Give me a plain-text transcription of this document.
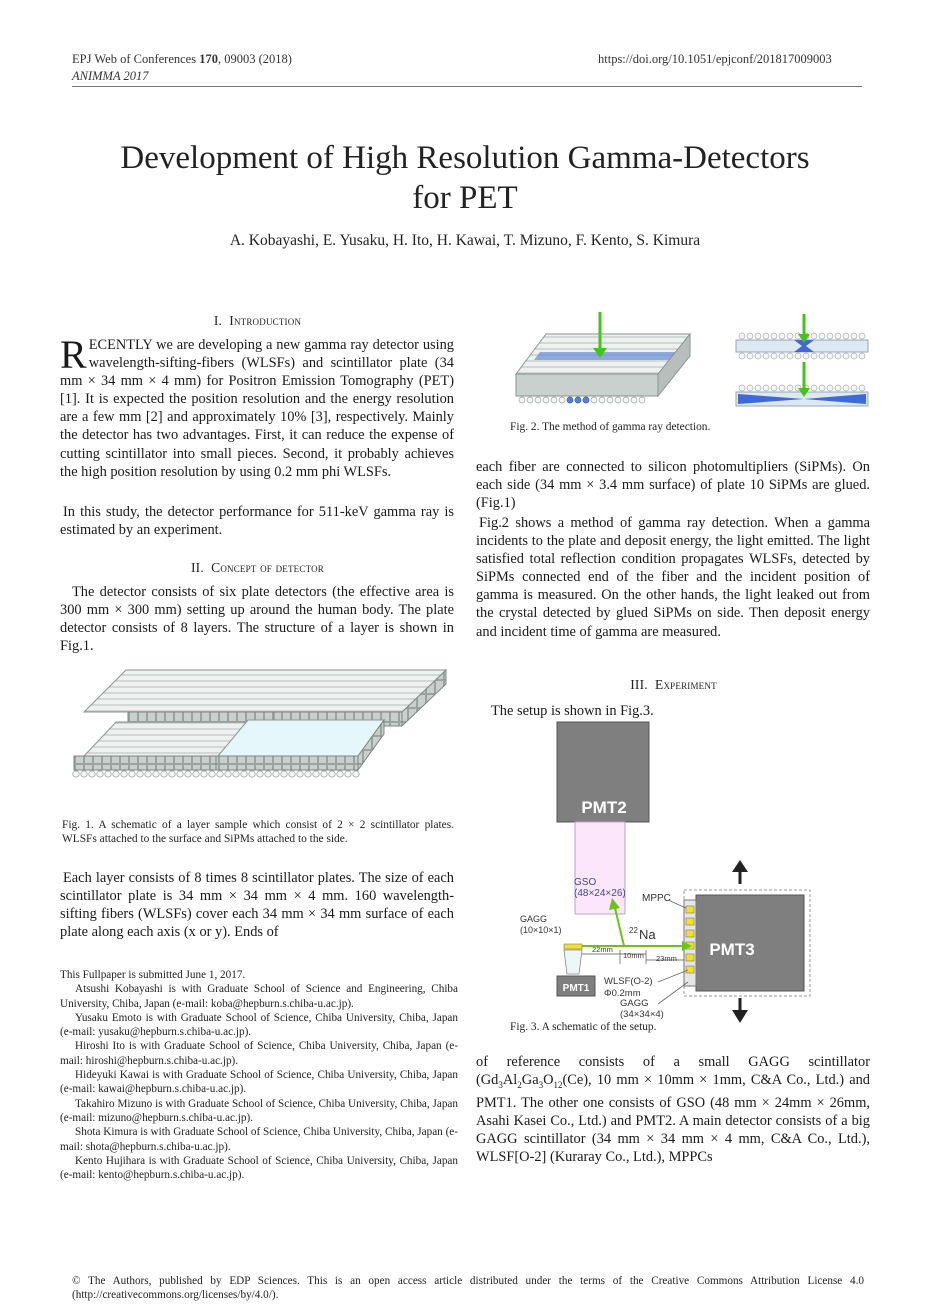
EPJ Web of Conferences 170, 09003 (2018)
ANIMMA 2017
https://doi.org/10.1051/epjconf/201817009003
Development of High Resolution Gamma-Detectors
for PET
A. Kobayashi, E. Yusaku, H. Ito, H. Kawai, T. Mizuno, F. Kento, S. Kimura
I. Introduction
RECENTLY we are developing a new gamma ray detector using wavelength-sifting-fibers (WLSFs) and scintillator plate (34 mm × 34 mm × 4 mm) for Positron Emission Tomography (PET) [1]. It is expected the position resolution and the energy resolution are a few mm [2] and approximately 10% [3], respectively. Mainly the detector has two advantages. First, it can reduce the expense of cutting scintillator into small pieces. Second, it probably achieves the high position resolution by using 0.2 mm phi WLSFs.
In this study, the detector performance for 511-keV gamma ray is estimated by an experiment.
II. Concept of detector
The detector consists of six plate detectors (the effective area is 300 mm × 300 mm) setting up around the human body. The plate detector consists of 8 layers. The structure of a layer is shown in Fig.1.
Fig. 1. A schematic of a layer sample which consist of 2 × 2 scintillator plates. WLSFs attached to the surface and SiPMs attached to the side.
Each layer consists of 8 times 8 scintillator plates. The size of each scintillator plate is 34 mm × 34 mm × 4 mm. 160 wavelength-sifting fibers (WLSFs) cover each 34 mm × 34 mm surface of each plate along each axis (x or y). Ends of
This Fullpaper is submitted June 1, 2017.
Atsushi Kobayashi is with Graduate School of Science and Engineering, Chiba University, Chiba, Japan (e-mail: koba@hepburn.s.chiba-u.ac.jp).
Yusaku Emoto is with Graduate School of Science, Chiba University, Chiba, Japan (e-mail: yusaku@hepburn.s.chiba-u.ac.jp).
Hiroshi Ito is with Graduate School of Science, Chiba University, Chiba, Japan (e-mail: hiroshi@hepburn.s.chiba-u.ac.jp).
Hideyuki Kawai is with Graduate School of Science, Chiba University, Chiba, Japan (e-mail: kawai@hepburn.s.chiba-u.ac.jp).
Takahiro Mizuno is with Graduate School of Science, Chiba University, Chiba, Japan (e-mail: mizuno@hepburn.s.chiba-u.ac.jp).
Shota Kimura is with Graduate School of Science, Chiba University, Chiba, Japan (e-mail: shota@hepburn.s.chiba-u.ac.jp).
Kento Hujihara is with Graduate School of Science, Chiba University, Chiba, Japan (e-mail: kento@hepburn.s.chiba-u.ac.jp).
Fig. 2. The method of gamma ray detection.
each fiber are connected to silicon photomultipliers (SiPMs). On each side (34 mm × 3.4 mm surface) of plate 10 SiPMs are glued. (Fig.1)
Fig.2 shows a method of gamma ray detection. When a gamma incidents to the plate and deposit energy, the light emitted. The light satisfied total reflection condition propagates WLSFs, detected by SiPMs connected end of the fiber and the incident position of gamma is measured. On the other hands, the light leaked out from the crystal detected by glued SiPMs on side. Then deposit energy and incident time of gamma are measured.
III. Experiment
The setup is shown in Fig.3.
PMT2
GSO
(48×24×26)
PMT3
MPPC
22 Na
PMT1
GAGG
(10×10×1)
22mm
10mm 23mm
WLSF(O-2)
Φ0.2mm
GAGG
(34×34×4)
Fig. 3. A schematic of the setup.
of reference consists of a small GAGG scintillator ($Gd_3Al_2Ga_3O_{12}(Ce)$, 10 mm × 10mm × 1mm, C&A Co., Ltd.) and PMT1. The other one consists of GSO (48 mm × 24mm × 26mm, Asahi Kasei Co., Ltd.) and PMT2. A main detector consists of a big GAGG scintillator (34 mm × 34 mm × 4 mm, C&A Co., Ltd.), WLSF[O-2] (Kuraray Co., Ltd.), MPPCs
© The Authors, published by EDP Sciences. This is an open access article distributed under the terms of the Creative Commons Attribution License 4.0 (http://creativecommons.org/licenses/by/4.0/).
